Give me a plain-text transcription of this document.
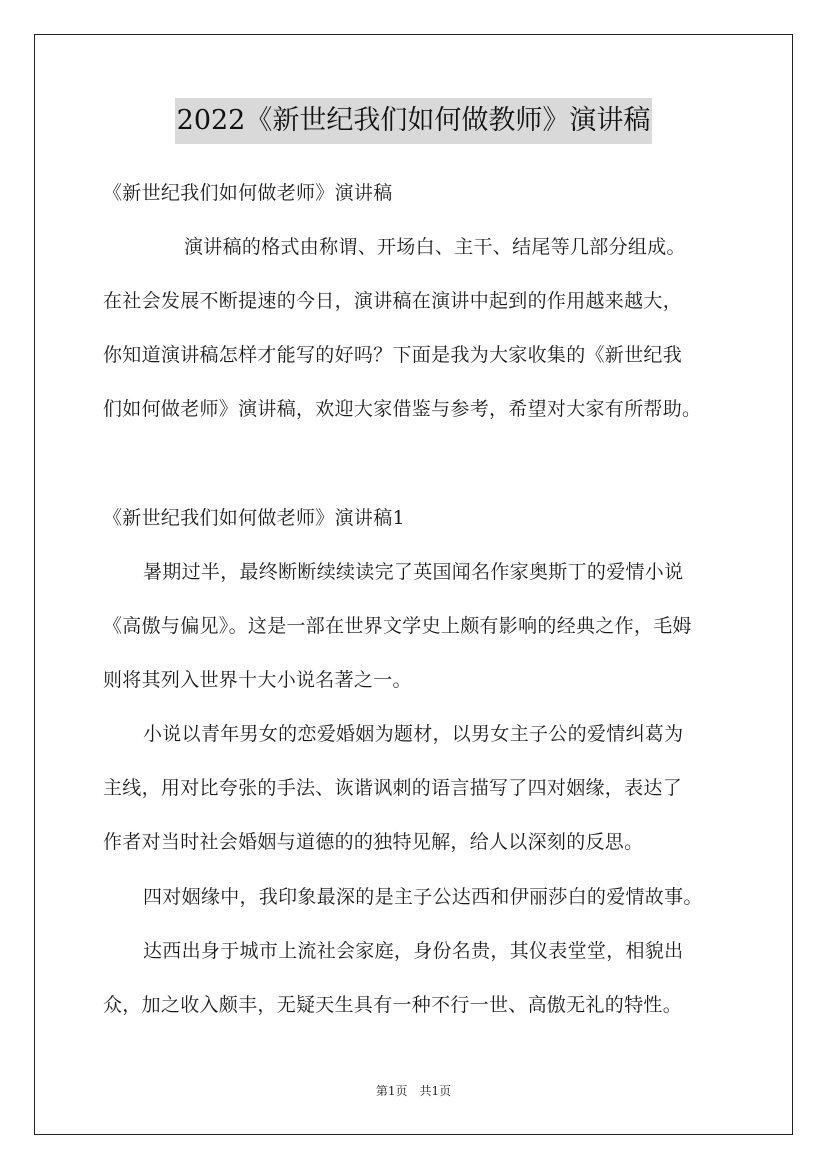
2022《新世纪我们如何做教师》演讲稿
《新世纪我们如何做老师》演讲稿
演讲稿的格式由称谓、开场白、主干、结尾等几部分组成。
在社会发展不断提速的今日，演讲稿在演讲中起到的作用越来越大，
你知道演讲稿怎样才能写的好吗？下面是我为大家收集的《新世纪我
们如何做老师》演讲稿，欢迎大家借鉴与参考，希望对大家有所帮助。
《新世纪我们如何做老师》演讲稿1
暑期过半，最终断断续续读完了英国闻名作家奥斯丁的爱情小说
《高傲与偏见》。这是一部在世界文学史上颇有影响的经典之作，毛姆
则将其列入世界十大小说名著之一。
小说以青年男女的恋爱婚姻为题材，以男女主子公的爱情纠葛为
主线，用对比夸张的手法、诙谐讽刺的语言描写了四对姻缘，表达了
作者对当时社会婚姻与道德的的独特见解，给人以深刻的反思。
四对姻缘中，我印象最深的是主子公达西和伊丽莎白的爱情故事。
达西出身于城市上流社会家庭，身份名贵，其仪表堂堂，相貌出
众，加之收入颇丰，无疑天生具有一种不行一世、高傲无礼的特性。
第1页　共1页
